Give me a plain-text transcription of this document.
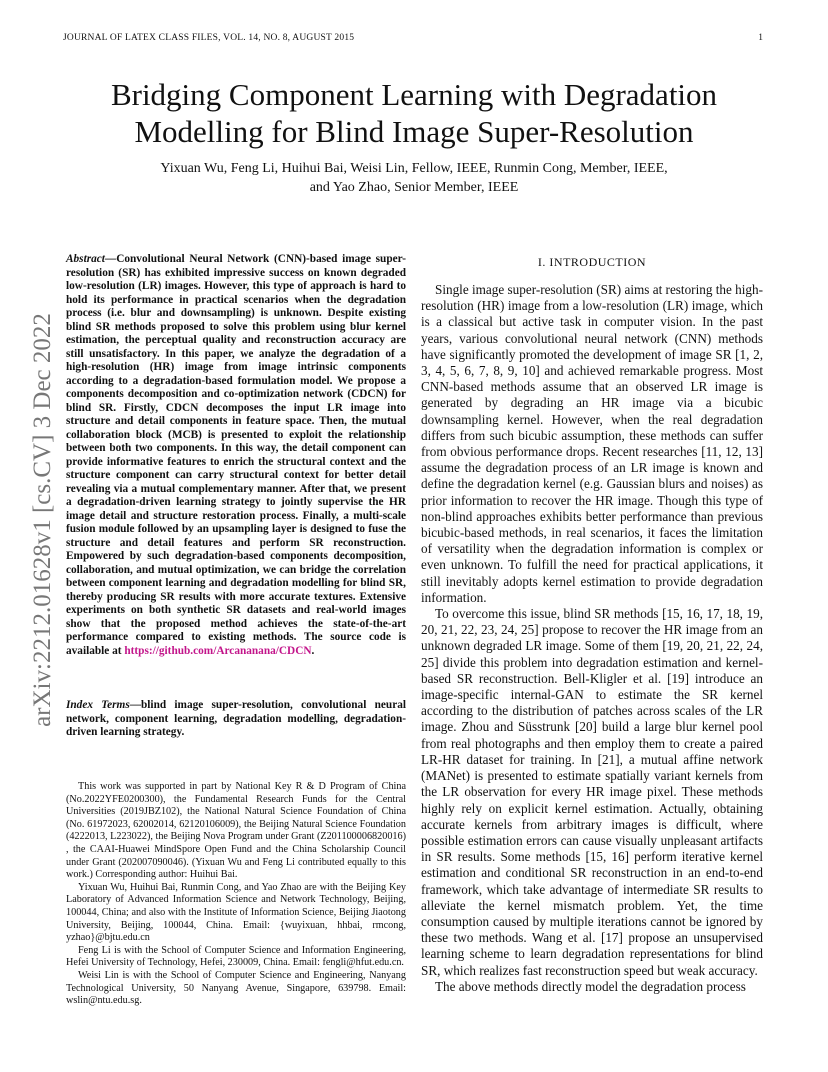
JOURNAL OF LATEX CLASS FILES, VOL. 14, NO. 8, AUGUST 2015	1
Bridging Component Learning with Degradation
Modelling for Blind Image Super-Resolution
Yixuan Wu, Feng Li, Huihui Bai, Weisi Lin, Fellow, IEEE, Runmin Cong, Member, IEEE,
and Yao Zhao, Senior Member, IEEE
arXiv:2212.01628v1 [cs.CV] 3 Dec 2022
Abstract—Convolutional Neural Network (CNN)-based image super-resolution (SR) has exhibited impressive success on known degraded low-resolution (LR) images. However, this type of approach is hard to hold its performance in practical scenarios when the degradation process (i.e. blur and downsampling) is unknown. Despite existing blind SR methods proposed to solve this problem using blur kernel estimation, the perceptual quality and reconstruction accuracy are still unsatisfactory. In this paper, we analyze the degradation of a high-resolution (HR) image from image intrinsic components according to a degradation-based formulation model. We propose a components decomposition and co-optimization network (CDCN) for blind SR. Firstly, CDCN decomposes the input LR image into structure and detail components in feature space. Then, the mutual collaboration block (MCB) is presented to exploit the relationship between both two components. In this way, the detail component can provide informative features to enrich the structural context and the structure component can carry structural context for better detail revealing via a mutual complementary manner. After that, we present a degradation-driven learning strategy to jointly supervise the HR image detail and structure restoration process. Finally, a multi-scale fusion module followed by an upsampling layer is designed to fuse the structure and detail features and perform SR reconstruction. Empowered by such degradation-based components decomposition, collaboration, and mutual optimization, we can bridge the correlation between component learning and degradation modelling for blind SR, thereby producing SR results with more accurate textures. Extensive experiments on both synthetic SR datasets and real-world images show that the proposed method achieves the state-of-the-art performance compared to existing methods. The source code is available at https://github.com/Arcananana/CDCN.
Index Terms—blind image super-resolution, convolutional neural network, component learning, degradation modelling, degradation-driven learning strategy.

This work was supported in part by National Key R & D Program of China (No.2022YFE0200300), the Fundamental Research Funds for the Central Universities (2019JBZ102), the National Natural Science Foundation of China (No. 61972023, 62002014, 62120106009), the Beijing Natural Science Foundation (4222013, L223022), the Beijing Nova Program under Grant (Z201100006820016) , the CAAI-Huawei MindSpore Open Fund and the China Scholarship Council under Grant (202007090046). (Yixuan Wu and Feng Li contributed equally to this work.) Corresponding author: Huihui Bai.

Yixuan Wu, Huihui Bai, Runmin Cong, and Yao Zhao are with the Beijing Key Laboratory of Advanced Information Science and Network Technology, Beijing, 100044, China; and also with the Institute of Information Science, Beijing Jiaotong University, Beijing, 100044, China. Email: {wuyixuan, hhbai, rmcong, yzhao}@bjtu.edu.cn

Feng Li is with the School of Computer Science and Information Engineering, Hefei University of Technology, Hefei, 230009, China. Email: fengli@hfut.edu.cn.

Weisi Lin is with the School of Computer Science and Engineering, Nanyang Technological University, 50 Nanyang Avenue, Singapore, 639798. Email: wslin@ntu.edu.sg.

I. INTRODUCTION

Single image super-resolution (SR) aims at restoring the high-resolution (HR) image from a low-resolution (LR) image, which is a classical but active task in computer vision. In the past years, various convolutional neural network (CNN) methods have significantly promoted the development of image SR [1, 2, 3, 4, 5, 6, 7, 8, 9, 10] and achieved remarkable progress. Most CNN-based methods assume that an observed LR image is generated by degrading an HR image via a bicubic downsampling kernel. However, when the real degradation differs from such bicubic assumption, these methods can suffer from obvious performance drops. Recent researches [11, 12, 13] assume the degradation process of an LR image is known and define the degradation kernel (e.g. Gaussian blurs and noises) as prior information to recover the HR image. Though this type of non-blind approaches exhibits better performance than previous bicubic-based methods, in real scenarios, it faces the limitation of versatility when the degradation information is complex or even unknown. To fulfill the need for practical applications, it still inevitably adopts kernel estimation to provide degradation information.

To overcome this issue, blind SR methods [15, 16, 17, 18, 19, 20, 21, 22, 23, 24, 25] propose to recover the HR image from an unknown degraded LR image. Some of them [19, 20, 21, 22, 24, 25] divide this problem into degradation estimation and kernel-based SR reconstruction. Bell-Kligler et al. [19] introduce an image-specific internal-GAN to estimate the SR kernel according to the distribution of patches across scales of the LR image. Zhou and Süsstrunk [20] build a large blur kernel pool from real photographs and then employ them to create a paired LR-HR dataset for training. In [21], a mutual affine network (MANet) is presented to estimate spatially variant kernels from the LR observation for every HR image pixel. These methods highly rely on explicit kernel estimation. Actually, obtaining accurate kernels from arbitrary images is difficult, where possible estimation errors can cause visually unpleasant artifacts in SR results. Some methods [15, 16] perform iterative kernel estimation and conditional SR reconstruction in an end-to-end framework, which take advantage of intermediate SR results to alleviate the kernel mismatch problem. Yet, the time consumption caused by multiple iterations cannot be ignored by these two methods. Wang et al. [17] propose an unsupervised learning scheme to learn degradation representations for blind SR, which realizes fast reconstruction speed but weak accuracy.

The above methods directly model the degradation process
